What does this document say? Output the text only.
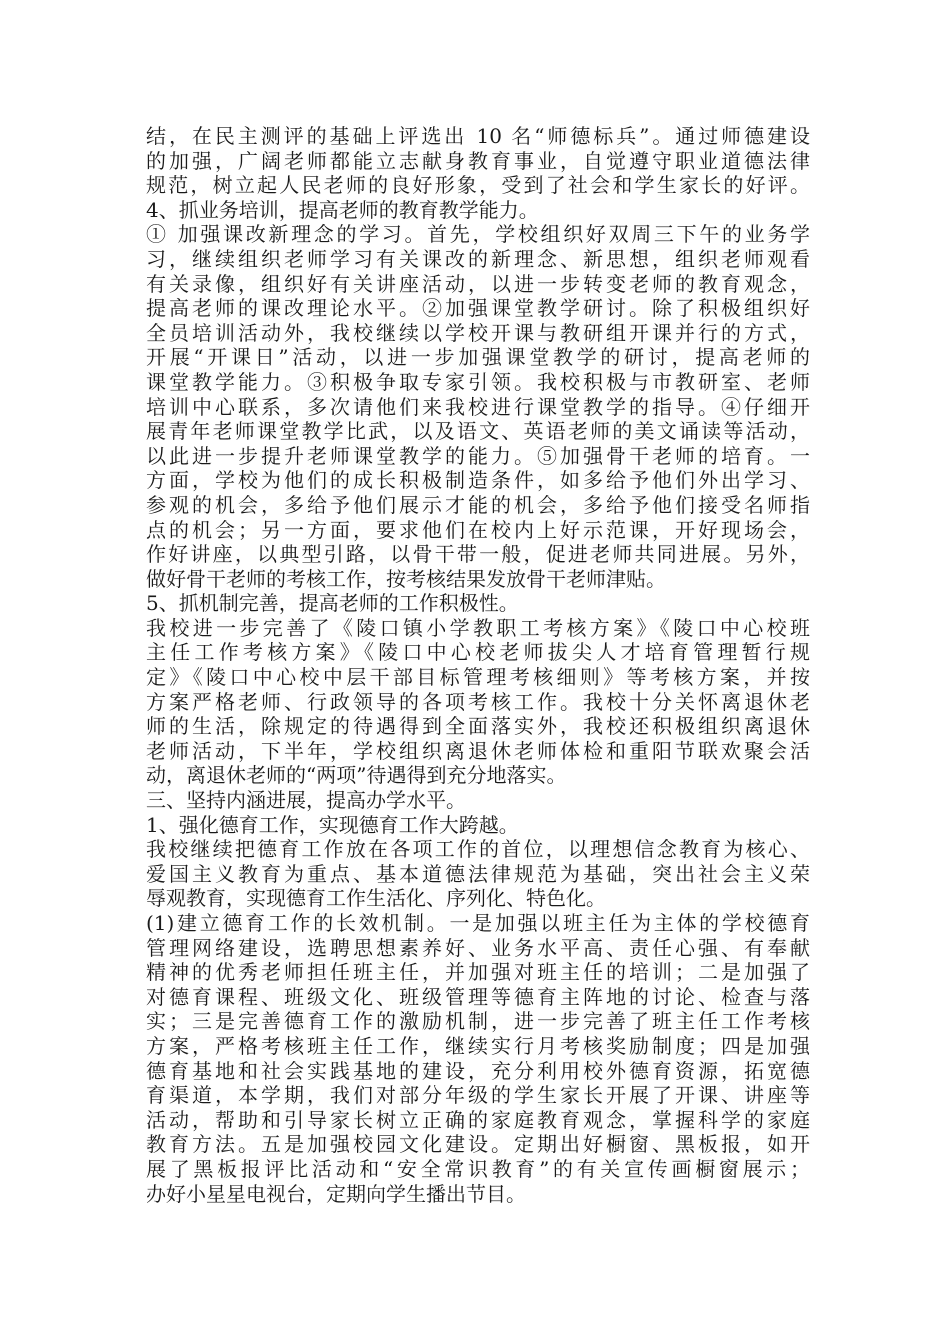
结，在民主测评的基础上评选出 10 名“师德标兵”。通过师德建设
的加强，广阔老师都能立志献身教育事业，自觉遵守职业道德法律
规范，树立起人民老师的良好形象，受到了社会和学生家长的好评。
4、抓业务培训，提高老师的教育教学能力。
① 加强课改新理念的学习。首先，学校组织好双周三下午的业务学
习，继续组织老师学习有关课改的新理念、新思想，组织老师观看
有关录像，组织好有关讲座活动，以进一步转变老师的教育观念，
提高老师的课改理论水平。②加强课堂教学研讨。除了积极组织好
全员培训活动外，我校继续以学校开课与教研组开课并行的方式，
开展“开课日”活动，以进一步加强课堂教学的研讨，提高老师的
课堂教学能力。③积极争取专家引领。我校积极与市教研室、老师
培训中心联系，多次请他们来我校进行课堂教学的指导。④仔细开
展青年老师课堂教学比武，以及语文、英语老师的美文诵读等活动，
以此进一步提升老师课堂教学的能力。⑤加强骨干老师的培育。一
方面，学校为他们的成长积极制造条件，如多给予他们外出学习、
参观的机会，多给予他们展示才能的机会，多给予他们接受名师指
点的机会；另一方面，要求他们在校内上好示范课，开好现场会，
作好讲座，以典型引路，以骨干带一般，促进老师共同进展。另外，
做好骨干老师的考核工作，按考核结果发放骨干老师津贴。
5、抓机制完善，提高老师的工作积极性。
我校进一步完善了《陵口镇小学教职工考核方案》《陵口中心校班
主任工作考核方案》《陵口中心校老师拔尖人才培育管理暂行规
定》《陵口中心校中层干部目标管理考核细则》等考核方案，并按
方案严格老师、行政领导的各项考核工作。我校十分关怀离退休老
师的生活，除规定的待遇得到全面落实外，我校还积极组织离退休
老师活动，下半年，学校组织离退休老师体检和重阳节联欢聚会活
动，离退休老师的“两项”待遇得到充分地落实。
三、坚持内涵进展，提高办学水平。
1、强化德育工作，实现德育工作大跨越。
我校继续把德育工作放在各项工作的首位，以理想信念教育为核心、
爱国主义教育为重点、基本道德法律规范为基础，突出社会主义荣
辱观教育，实现德育工作生活化、序列化、特色化。
(1)建立德育工作的长效机制。一是加强以班主任为主体的学校德育
管理网络建设，选聘思想素养好、业务水平高、责任心强、有奉献
精神的优秀老师担任班主任，并加强对班主任的培训；二是加强了
对德育课程、班级文化、班级管理等德育主阵地的讨论、检查与落
实；三是完善德育工作的激励机制，进一步完善了班主任工作考核
方案，严格考核班主任工作，继续实行月考核奖励制度；四是加强
德育基地和社会实践基地的建设，充分利用校外德育资源，拓宽德
育渠道，本学期，我们对部分年级的学生家长开展了开课、讲座等
活动，帮助和引导家长树立正确的家庭教育观念，掌握科学的家庭
教育方法。五是加强校园文化建设。定期出好橱窗、黑板报，如开
展了黑板报评比活动和“安全常识教育”的有关宣传画橱窗展示；
办好小星星电视台，定期向学生播出节目。
